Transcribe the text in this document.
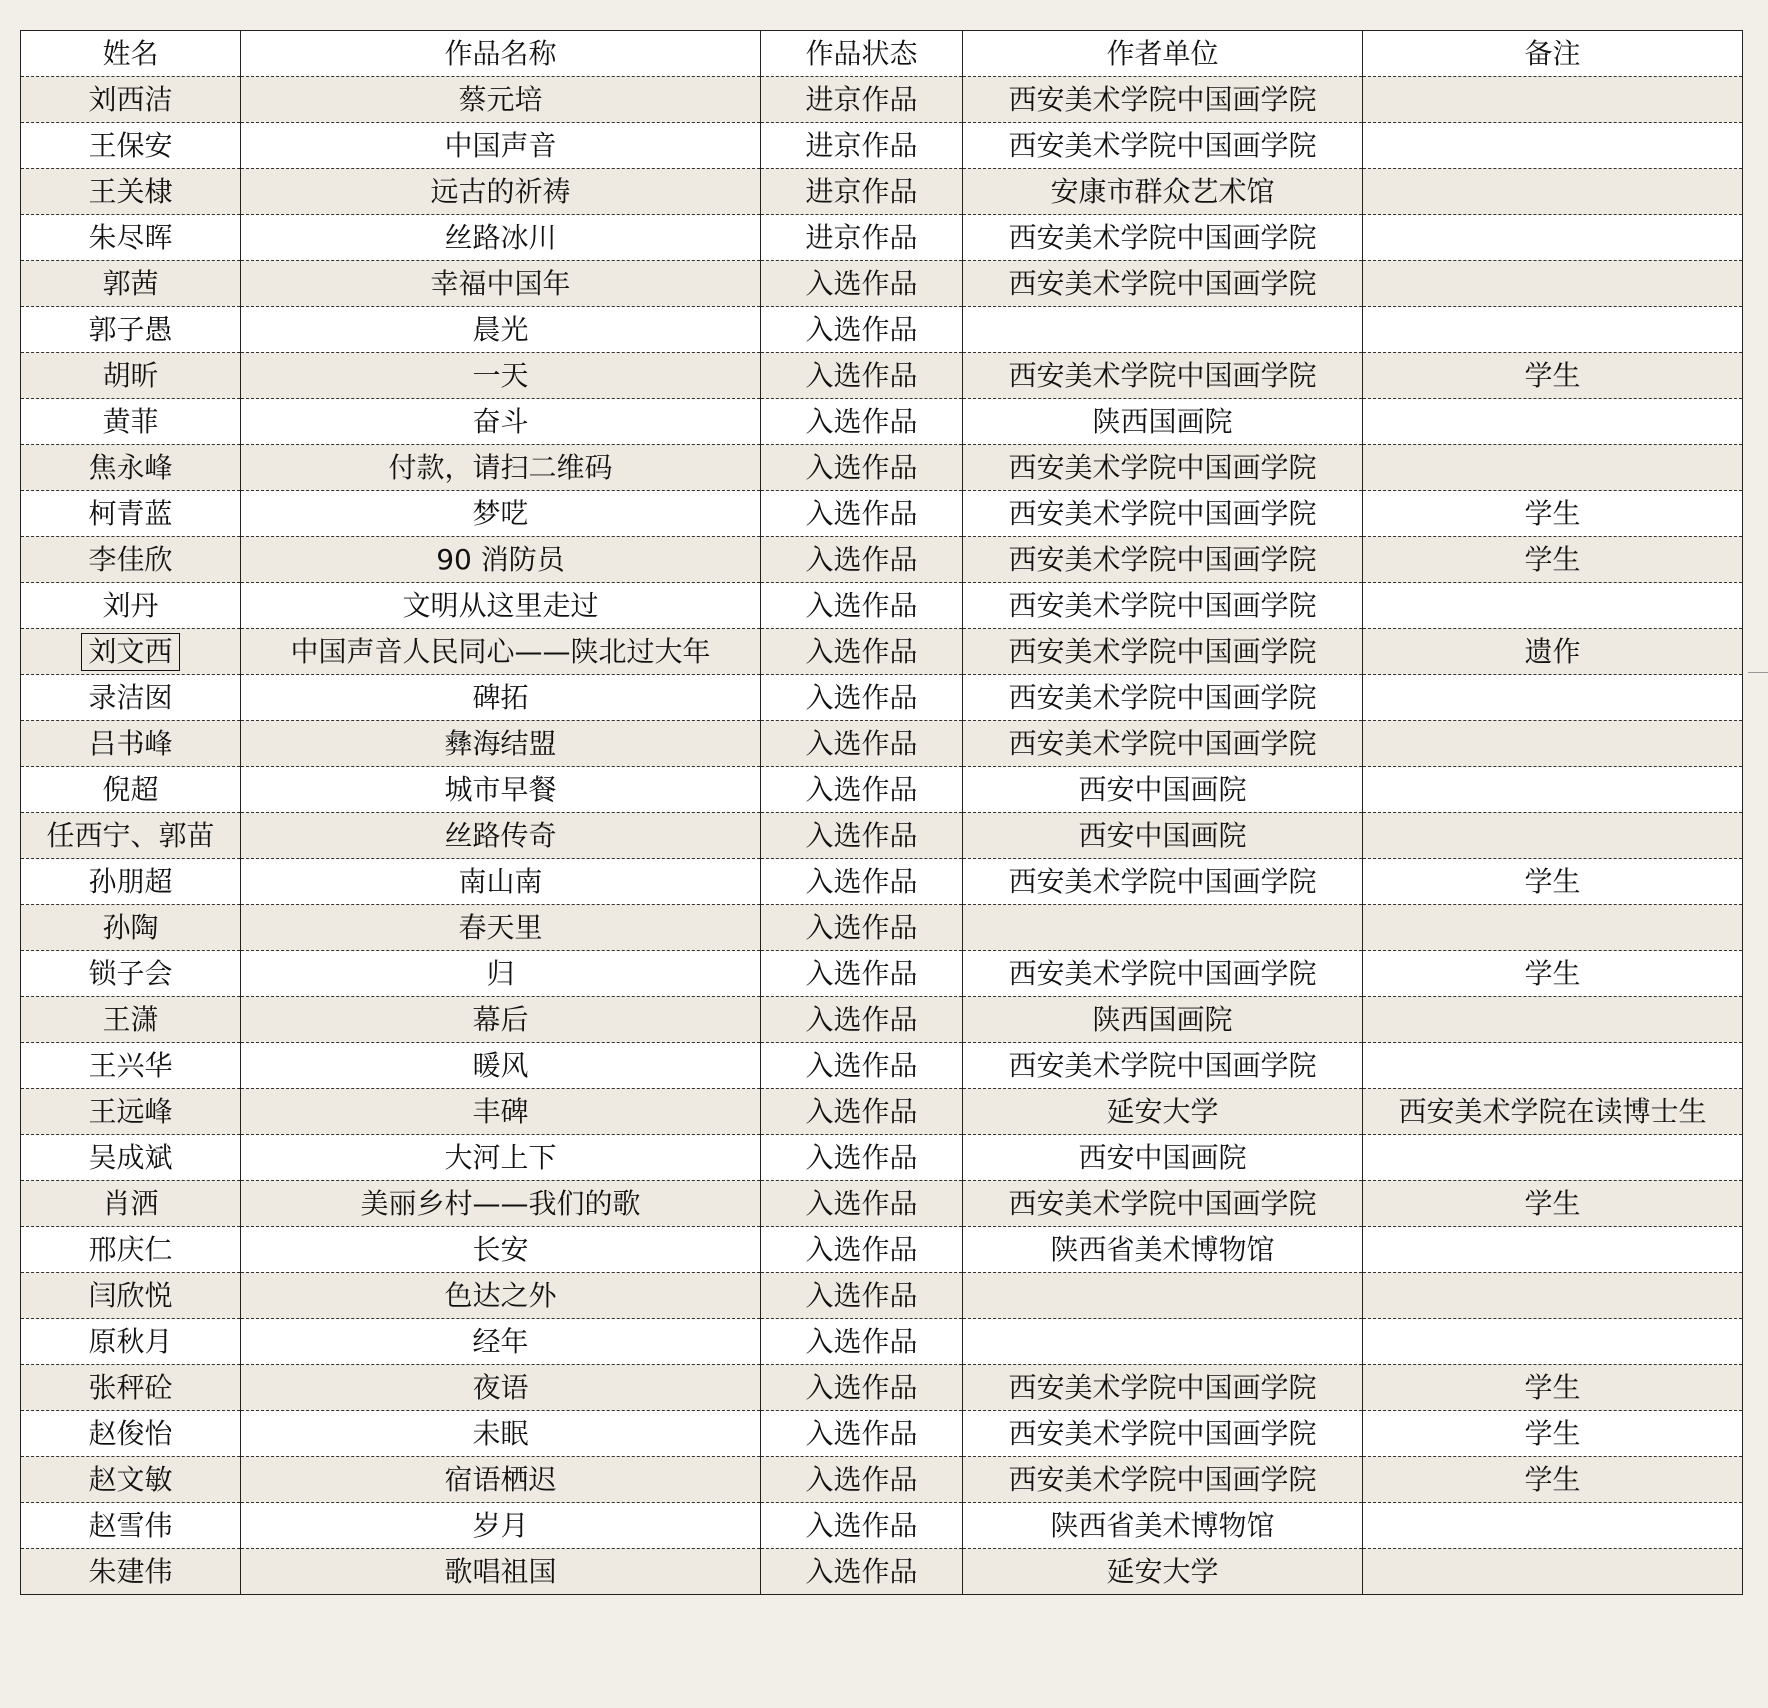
姓名	作品名称	作品状态	作者单位	备注
刘西洁	蔡元培	进京作品	西安美术学院中国画学院	
王保安	中国声音	进京作品	西安美术学院中国画学院	
王关棣	远古的祈祷	进京作品	安康市群众艺术馆	
朱尽晖	丝路冰川	进京作品	西安美术学院中国画学院	
郭茜	幸福中国年	入选作品	西安美术学院中国画学院	
郭子愚	晨光	入选作品		
胡昕	一天	入选作品	西安美术学院中国画学院	学生
黄菲	奋斗	入选作品	陕西国画院	
焦永峰	付款，请扫二维码	入选作品	西安美术学院中国画学院	
柯青蓝	梦呓	入选作品	西安美术学院中国画学院	学生
李佳欣	90 消防员	入选作品	西安美术学院中国画学院	学生
刘丹	文明从这里走过	入选作品	西安美术学院中国画学院	
刘文西	中国声音人民同心——陕北过大年	入选作品	西安美术学院中国画学院	遗作
录洁囡	碑拓	入选作品	西安美术学院中国画学院	
吕书峰	彝海结盟	入选作品	西安美术学院中国画学院	
倪超	城市早餐	入选作品	西安中国画院	
任西宁、郭苗	丝路传奇	入选作品	西安中国画院	
孙朋超	南山南	入选作品	西安美术学院中国画学院	学生
孙陶	春天里	入选作品		
锁子会	归	入选作品	西安美术学院中国画学院	学生
王潇	幕后	入选作品	陕西国画院	
王兴华	暖风	入选作品	西安美术学院中国画学院	
王远峰	丰碑	入选作品	延安大学	西安美术学院在读博士生
吴成斌	大河上下	入选作品	西安中国画院	
肖洒	美丽乡村——我们的歌	入选作品	西安美术学院中国画学院	学生
邢庆仁	长安	入选作品	陕西省美术博物馆	
闫欣悦	色达之外	入选作品		
原秋月	经年	入选作品		
张秤砼	夜语	入选作品	西安美术学院中国画学院	学生
赵俊怡	未眠	入选作品	西安美术学院中国画学院	学生
赵文敏	宿语栖迟	入选作品	西安美术学院中国画学院	学生
赵雪伟	岁月	入选作品	陕西省美术博物馆	
朱建伟	歌唱祖国	入选作品	延安大学	
